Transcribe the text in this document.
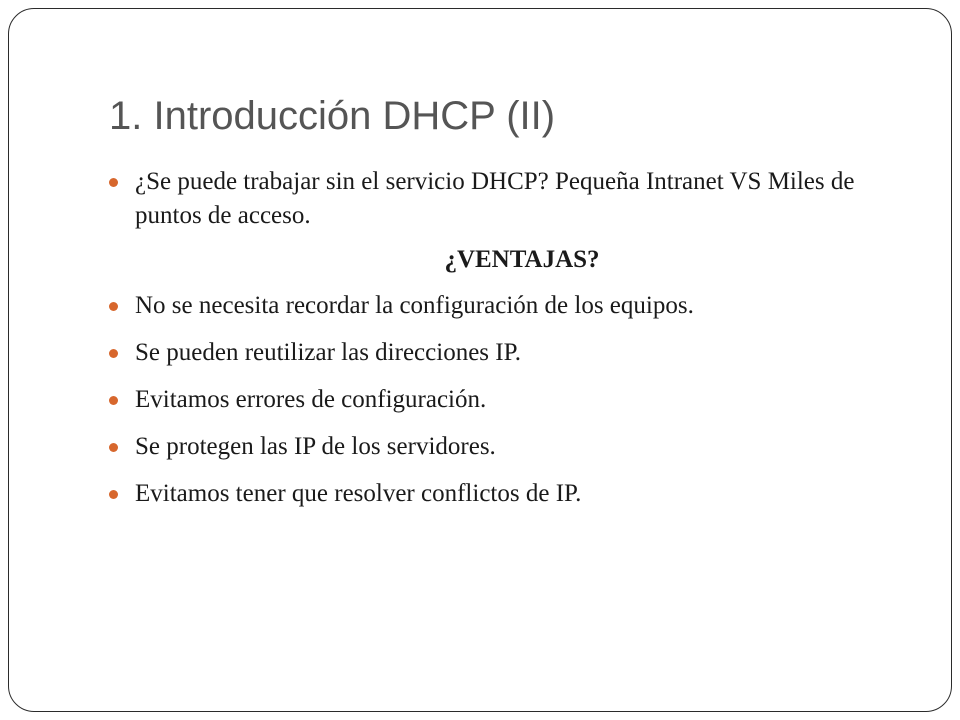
1. Introducción DHCP (II)

¿Se puede trabajar sin el servicio DHCP? Pequeña Intranet VS Miles de puntos de acceso.

¿VENTAJAS?

No se necesita recordar la configuración de los equipos.

Se pueden reutilizar las direcciones IP.

Evitamos errores de configuración.

Se protegen las IP de los servidores.

Evitamos tener que resolver conflictos de IP.
